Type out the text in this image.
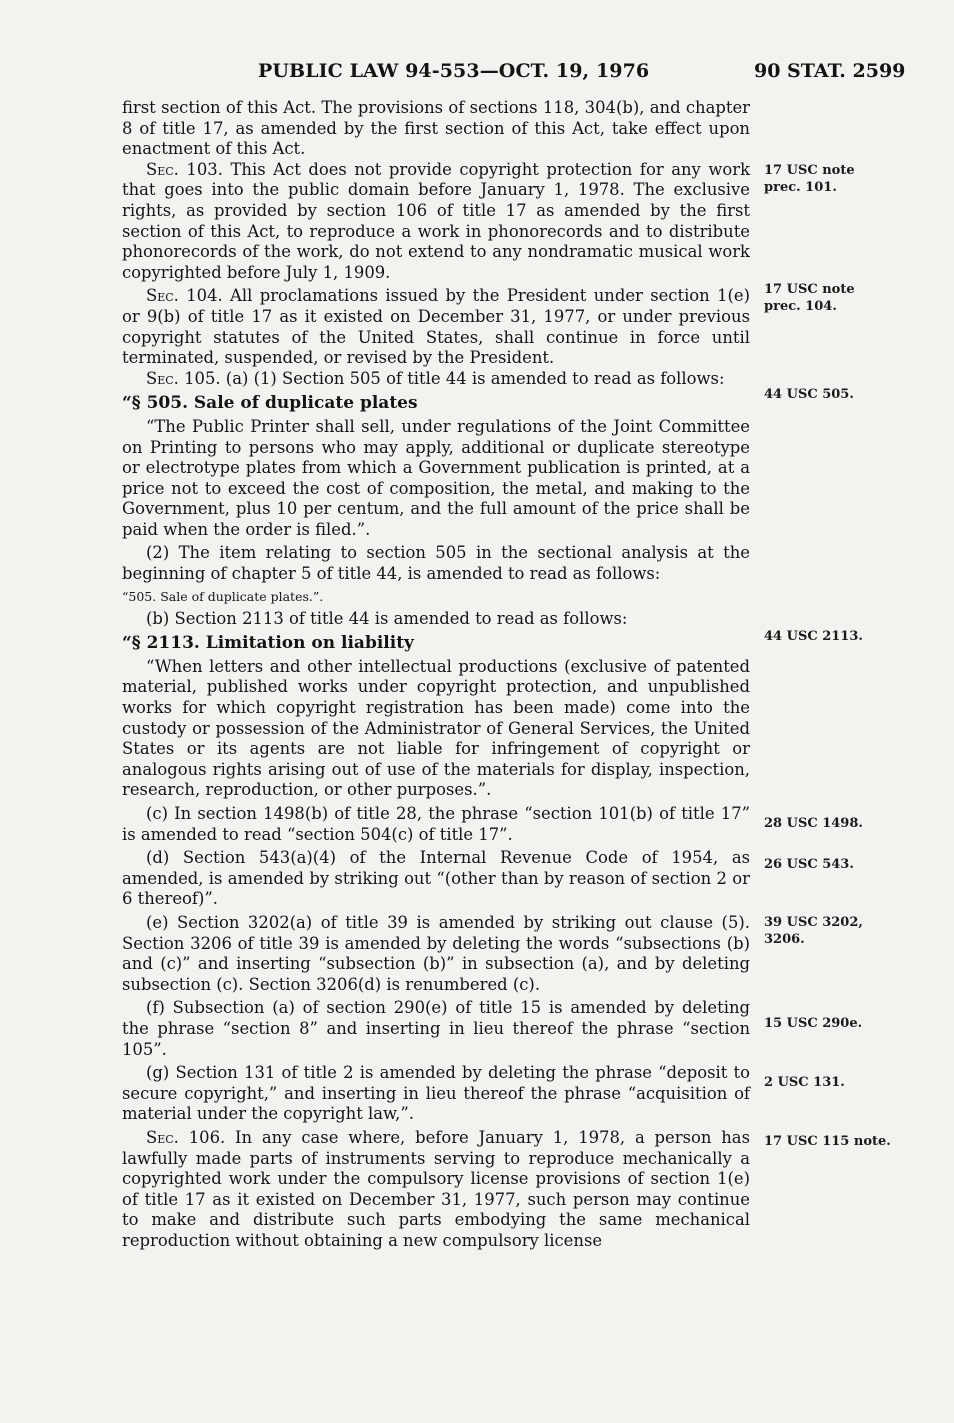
PUBLIC LAW 94-553—OCT. 19, 1976	90 STAT. 2599

first section of this Act. The provisions of sections 118, 304(b), and chapter 8 of title 17, as amended by the first section of this Act, take effect upon enactment of this Act.

Sec. 103. This Act does not provide copyright protection for any work that goes into the public domain before January 1, 1978. The exclusive rights, as provided by section 106 of title 17 as amended by the first section of this Act, to reproduce a work in phonorecords and to distribute phonorecords of the work, do not extend to any nondramatic musical work copyrighted before July 1, 1909.

Sec. 104. All proclamations issued by the President under section 1(e) or 9(b) of title 17 as it existed on December 31, 1977, or under previous copyright statutes of the United States, shall continue in force until terminated, suspended, or revised by the President.

Sec. 105. (a) (1) Section 505 of title 44 is amended to read as follows:

“§ 505. Sale of duplicate plates

“The Public Printer shall sell, under regulations of the Joint Committee on Printing to persons who may apply, additional or duplicate stereotype or electrotype plates from which a Government publication is printed, at a price not to exceed the cost of composition, the metal, and making to the Government, plus 10 per centum, and the full amount of the price shall be paid when the order is filed.”.

(2) The item relating to section 505 in the sectional analysis at the beginning of chapter 5 of title 44, is amended to read as follows:

“505. Sale of duplicate plates.”.

(b) Section 2113 of title 44 is amended to read as follows:

“§ 2113. Limitation on liability

“When letters and other intellectual productions (exclusive of patented material, published works under copyright protection, and unpublished works for which copyright registration has been made) come into the custody or possession of the Administrator of General Services, the United States or its agents are not liable for infringement of copyright or analogous rights arising out of use of the materials for display, inspection, research, reproduction, or other purposes.”.

(c) In section 1498(b) of title 28, the phrase “section 101(b) of title 17” is amended to read “section 504(c) of title 17”.

(d) Section 543(a)(4) of the Internal Revenue Code of 1954, as amended, is amended by striking out “(other than by reason of section 2 or 6 thereof)”.

(e) Section 3202(a) of title 39 is amended by striking out clause (5). Section 3206 of title 39 is amended by deleting the words “subsections (b) and (c)” and inserting “subsection (b)” in subsection (a), and by deleting subsection (c). Section 3206(d) is renumbered (c).

(f) Subsection (a) of section 290(e) of title 15 is amended by deleting the phrase “section 8” and inserting in lieu thereof the phrase “section 105”.

(g) Section 131 of title 2 is amended by deleting the phrase “deposit to secure copyright,” and inserting in lieu thereof the phrase “acquisition of material under the copyright law,”.

Sec. 106. In any case where, before January 1, 1978, a person has lawfully made parts of instruments serving to reproduce mechanically a copyrighted work under the compulsory license provisions of section 1(e) of title 17 as it existed on December 31, 1977, such person may continue to make and distribute such parts embodying the same mechanical reproduction without obtaining a new compulsory license

17 USC note
prec. 101.
17 USC note
prec. 104.
44 USC 505.
44 USC 2113.
28 USC 1498.
26 USC 543.
39 USC 3202,
3206.
15 USC 290e.
2 USC 131.
17 USC 115 note.
